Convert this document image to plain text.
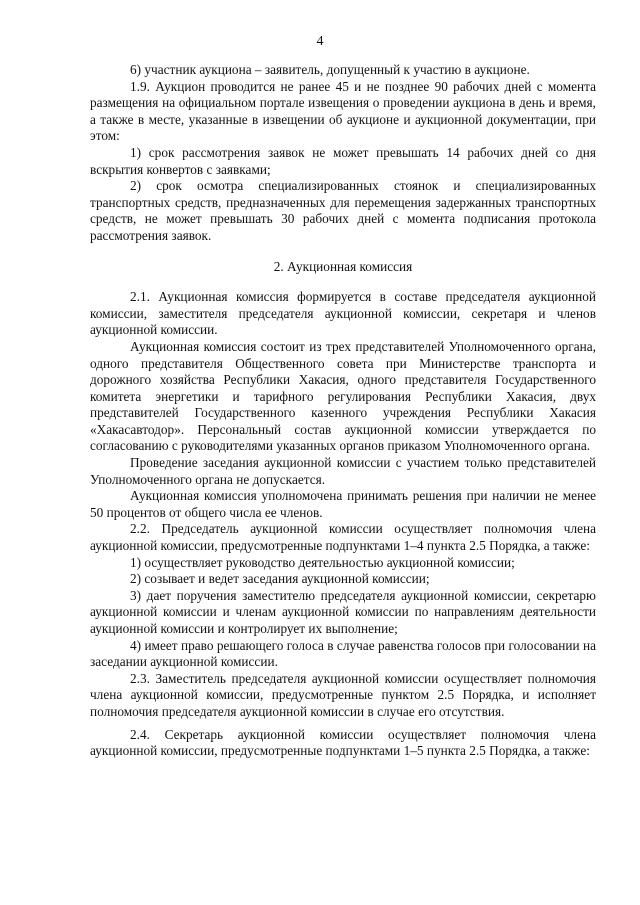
4

6) участник аукциона – заявитель, допущенный к участию в аукционе.

1.9. Аукцион проводится не ранее 45 и не позднее 90 рабочих дней с момента размещения на официальном портале извещения о проведении аукциона в день и время, а также в месте, указанные в извещении об аукционе и аукционной документации, при этом:

1) срок рассмотрения заявок не может превышать 14 рабочих дней со дня вскрытия конвертов с заявками;

2) срок осмотра специализированных стоянок и специализированных транспортных средств, предназначенных для перемещения задержанных транспортных средств, не может превышать 30 рабочих дней с момента подписания протокола рассмотрения заявок.

2. Аукционная комиссия

2.1. Аукционная комиссия формируется в составе председателя аукционной комиссии, заместителя председателя аукционной комиссии, секретаря и членов аукционной комиссии.

Аукционная комиссия состоит из трех представителей Уполномоченного органа, одного представителя Общественного совета при Министерстве транспорта и дорожного хозяйства Республики Хакасия, одного представителя Государственного комитета энергетики и тарифного регулирования Республики Хакасия, двух представителей Государственного казенного учреждения Республики Хакасия «Хакасавтодор». Персональный состав аукционной комиссии утверждается по согласованию с руководителями указанных органов приказом Уполномоченного органа.

Проведение заседания аукционной комиссии с участием только представителей Уполномоченного органа не допускается.

Аукционная комиссия уполномочена принимать решения при наличии не менее 50 процентов от общего числа ее членов.

2.2. Председатель аукционной комиссии осуществляет полномочия члена аукционной комиссии, предусмотренные подпунктами 1–4 пункта 2.5 Порядка, а также:

1) осуществляет руководство деятельностью аукционной комиссии;

2) созывает и ведет заседания аукционной комиссии;

3) дает поручения заместителю председателя аукционной комиссии, секретарю аукционной комиссии и членам аукционной комиссии по направлениям деятельности аукционной комиссии и контролирует их выполнение;

4) имеет право решающего голоса в случае равенства голосов при голосовании на заседании аукционной комиссии.

2.3. Заместитель председателя аукционной комиссии осуществляет полномочия члена аукционной комиссии, предусмотренные пунктом 2.5 Порядка, и исполняет полномочия председателя аукционной комиссии в случае его отсутствия.

2.4. Секретарь аукционной комиссии осуществляет полномочия члена аукционной комиссии, предусмотренные подпунктами 1–5 пункта 2.5 Порядка, а также:
